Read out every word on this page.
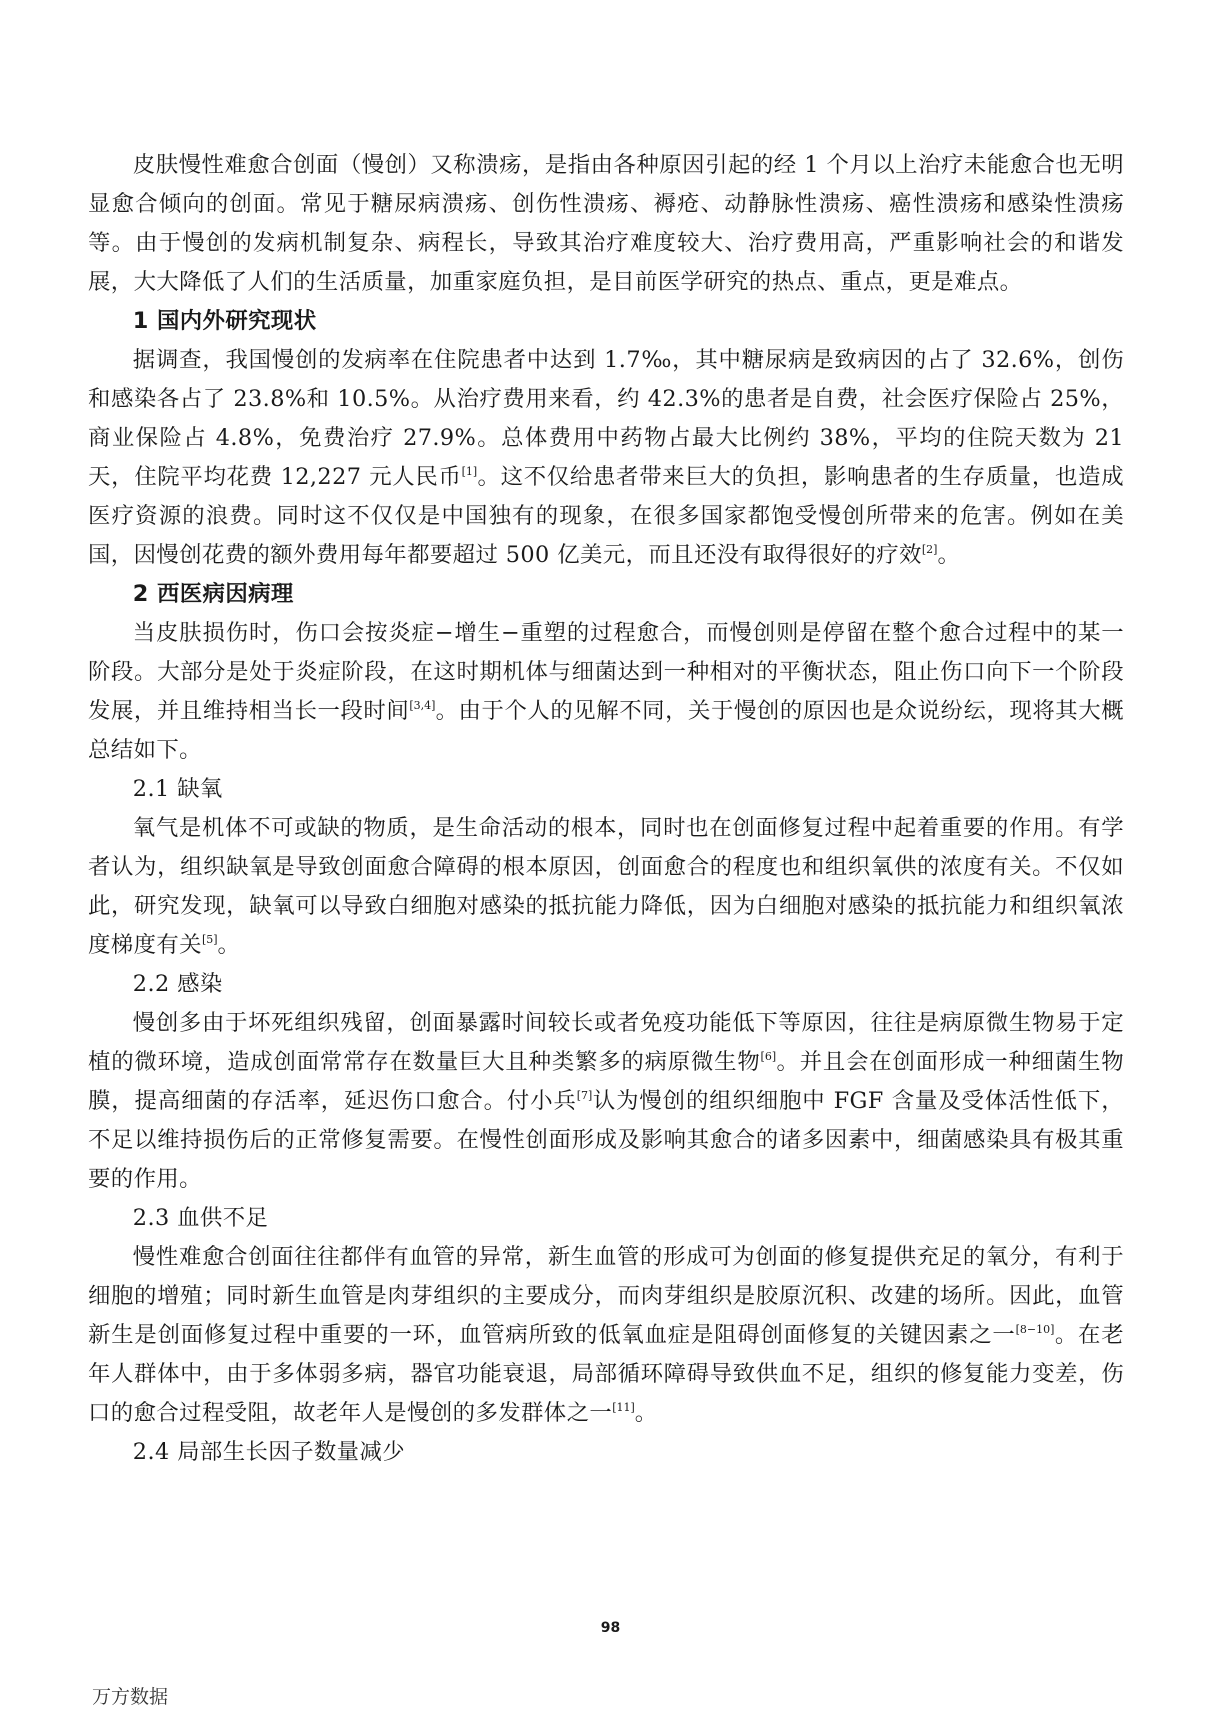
皮肤慢性难愈合创面（慢创）又称溃疡，是指由各种原因引起的经 1 个月以上治疗未能愈合也无明显愈合倾向的创面。常见于糖尿病溃疡、创伤性溃疡、褥疮、动静脉性溃疡、癌性溃疡和感染性溃疡等。由于慢创的发病机制复杂、病程长，导致其治疗难度较大、治疗费用高，严重影响社会的和谐发展，大大降低了人们的生活质量，加重家庭负担，是目前医学研究的热点、重点，更是难点。

1 国内外研究现状

据调查，我国慢创的发病率在住院患者中达到 1.7‰，其中糖尿病是致病因的占了 32.6%，创伤和感染各占了 23.8%和 10.5%。从治疗费用来看，约 42.3%的患者是自费，社会医疗保险占 25%，商业保险占 4.8%，免费治疗 27.9%。总体费用中药物占最大比例约 38%，平均的住院天数为 21 天，住院平均花费 12,227 元人民币[1]。这不仅给患者带来巨大的负担，影响患者的生存质量，也造成医疗资源的浪费。同时这不仅仅是中国独有的现象，在很多国家都饱受慢创所带来的危害。例如在美国，因慢创花费的额外费用每年都要超过 500 亿美元，而且还没有取得很好的疗效[2]。

2 西医病因病理

当皮肤损伤时，伤口会按炎症−增生−重塑的过程愈合，而慢创则是停留在整个愈合过程中的某一阶段。大部分是处于炎症阶段，在这时期机体与细菌达到一种相对的平衡状态，阻止伤口向下一个阶段发展，并且维持相当长一段时间[3,4]。由于个人的见解不同，关于慢创的原因也是众说纷纭，现将其大概总结如下。

2.1 缺氧

氧气是机体不可或缺的物质，是生命活动的根本，同时也在创面修复过程中起着重要的作用。有学者认为，组织缺氧是导致创面愈合障碍的根本原因，创面愈合的程度也和组织氧供的浓度有关。不仅如此，研究发现，缺氧可以导致白细胞对感染的抵抗能力降低，因为白细胞对感染的抵抗能力和组织氧浓度梯度有关[5]。

2.2 感染

慢创多由于坏死组织残留，创面暴露时间较长或者免疫功能低下等原因，往往是病原微生物易于定植的微环境，造成创面常常存在数量巨大且种类繁多的病原微生物[6]。并且会在创面形成一种细菌生物膜，提高细菌的存活率，延迟伤口愈合。付小兵[7]认为慢创的组织细胞中 FGF 含量及受体活性低下，不足以维持损伤后的正常修复需要。在慢性创面形成及影响其愈合的诸多因素中，细菌感染具有极其重要的作用。

2.3 血供不足

慢性难愈合创面往往都伴有血管的异常，新生血管的形成可为创面的修复提供充足的氧分，有利于细胞的增殖；同时新生血管是肉芽组织的主要成分，而肉芽组织是胶原沉积、改建的场所。因此，血管新生是创面修复过程中重要的一环，血管病所致的低氧血症是阻碍创面修复的关键因素之一[8−10]。在老年人群体中，由于多体弱多病，器官功能衰退，局部循环障碍导致供血不足，组织的修复能力变差，伤口的愈合过程受阻，故老年人是慢创的多发群体之一[11]。

2.4 局部生长因子数量减少

98
万方数据
